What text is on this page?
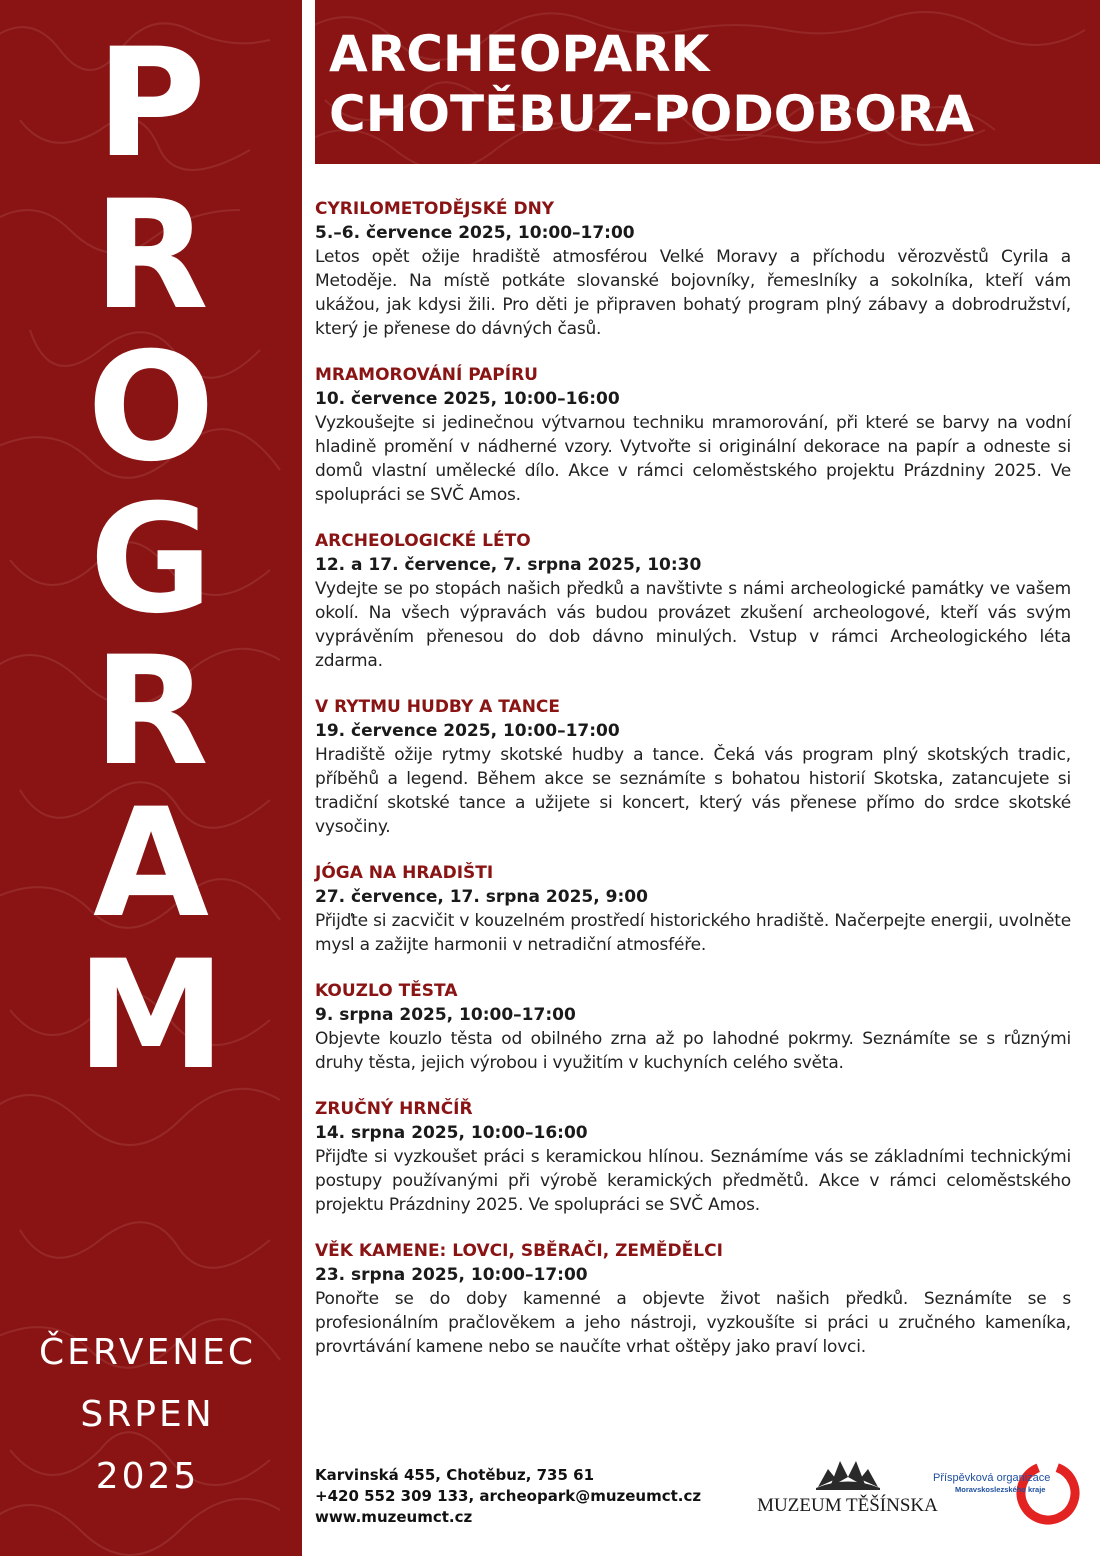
P
R
O
G
R
A
M
ČERVENEC
SRPEN
2025
ARCHEOPARK
CHOTĚBUZ-PODOBORA
CYRILOMETODĚJSKÉ DNY
5.–6. července 2025, 10:00–17:00
Letos opět ožije hradiště atmosférou Velké Moravy a příchodu věrozvěstů Cyrila a Metoděje. Na místě potkáte slovanské bojovníky, řemeslníky a sokolníka, kteří vám ukážou, jak kdysi žili. Pro děti je připraven bohatý program plný zábavy a dobrodružství, který je přenese do dávných časů.
MRAMOROVÁNÍ PAPÍRU
10. července 2025, 10:00–16:00
Vyzkoušejte si jedinečnou výtvarnou techniku mramorování, při které se barvy na vodní hladině promění v nádherné vzory. Vytvořte si originální dekorace na papír a odneste si domů vlastní umělecké dílo. Akce v rámci celoměstského projektu Prázdniny 2025. Ve spolupráci se SVČ Amos.
ARCHEOLOGICKÉ LÉTO
12. a 17. července, 7. srpna 2025, 10:30
Vydejte se po stopách našich předků a navštivte s námi archeologické památky ve vašem okolí. Na všech výpravách vás budou provázet zkušení archeologové, kteří vás svým vyprávěním přenesou do dob dávno minulých. Vstup v rámci Archeologického léta zdarma.
V RYTMU HUDBY A TANCE
19. července 2025, 10:00–17:00
Hradiště ožije rytmy skotské hudby a tance. Čeká vás program plný skotských tradic, příběhů a legend. Během akce se seznámíte s bohatou historií Skotska, zatancujete si tradiční skotské tance a užijete si koncert, který vás přenese přímo do srdce skotské vysočiny.
JÓGA NA HRADIŠTI
27. července, 17. srpna 2025, 9:00
Přijďte si zacvičit v kouzelném prostředí historického hradiště. Načerpejte energii, uvolněte mysl a zažijte harmonii v netradiční atmosféře.
KOUZLO TĚSTA
9. srpna 2025, 10:00–17:00
Objevte kouzlo těsta od obilného zrna až po lahodné pokrmy. Seznámíte se s různými druhy těsta, jejich výrobou i využitím v kuchyních celého světa.
ZRUČNÝ HRNČÍŘ
14. srpna 2025, 10:00–16:00
Přijďte si vyzkoušet práci s keramickou hlínou. Seznámíme vás se základními technickými postupy používanými při výrobě keramických předmětů. Akce v rámci celoměstského projektu Prázdniny 2025. Ve spolupráci se SVČ Amos.
VĚK KAMENE: LOVCI, SBĚRAČI, ZEMĚDĚLCI
23. srpna 2025, 10:00–17:00
Ponořte se do doby kamenné a objevte život našich předků. Seznámíte se s profesionálním pračlověkem a jeho nástroji, vyzkoušíte si práci u zručného kameníka, provrtávání kamene nebo se naučíte vrhat oštěpy jako praví lovci.
Karvinská 455, Chotěbuz, 735 61
+420 552 309 133, archeopark@muzeumct.cz
www.muzeumct.cz
MUZEUM TĚŠÍNSKA
Příspěvková organizace
Moravskoslezského kraje
